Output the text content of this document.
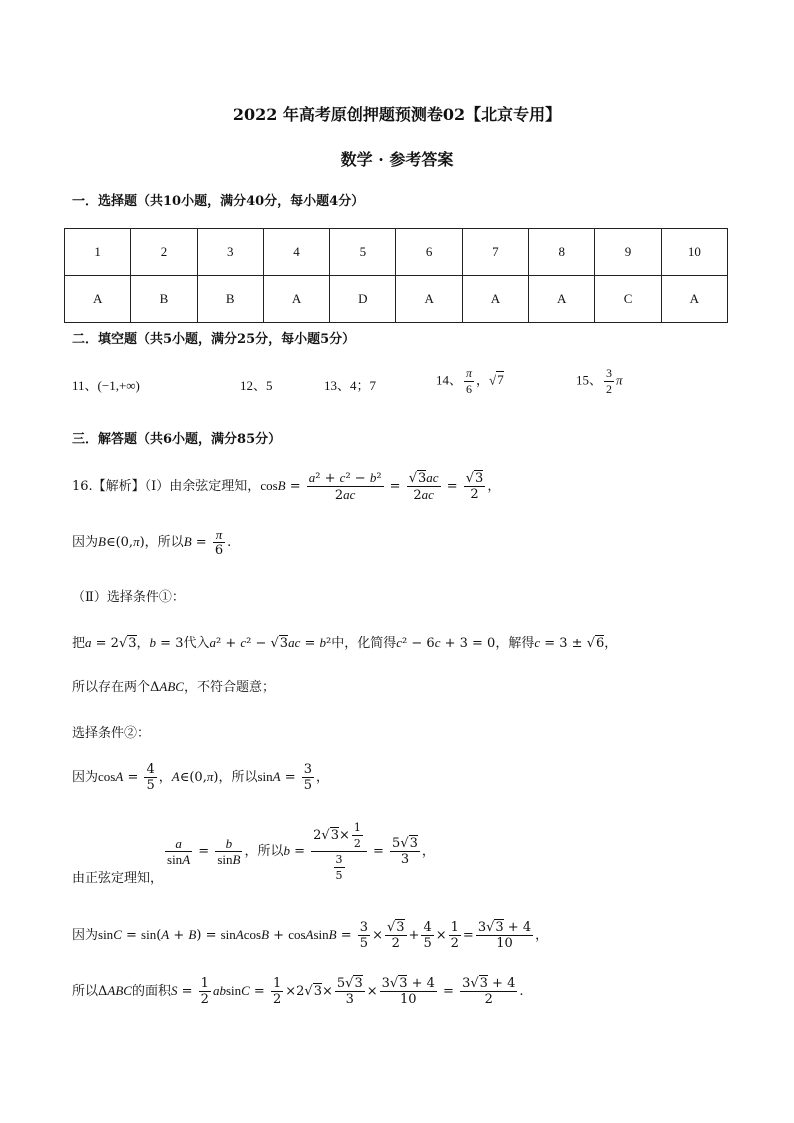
2022 年高考原创押题预测卷02【北京专用】
数学 · 参考答案
一．选择题（共10小题，满分40分，每小题4分）
1	2	3	4	5	6	7	8	9	10
A	B	B	A	D	A	A	A	C	A
二．填空题（共5小题，满分25分，每小题5分）
11、(−1,+∞)	12、5	13、4；7	14、 $\frac{\pi}{6}$ ，√7	15、 $\frac{3}{2}$ π
三．解答题（共6小题，满分85分）
16.【解析】（Ⅰ）由余弦定理知，$\cos B = \frac{\text{a² + c² − b²}}{2ac} = \frac{√3ac}{2ac} = \frac{√3}{2}$ ，
因为B∈(0,π)，所以$B = \frac{\pi}{6}$ .
（Ⅱ）选择条件①：
把a = 2√3，b = 3代入a² + c² − √3ac = b²中，化简得c² − 6c + 3 = 0，解得c = 3 ± √6，
所以存在两个ΔABC，不符合题意；
选择条件②：
因为$\cos A = \frac{4}{5}$ ，A∈(0,π)，所以$\sin A = \frac{3}{5}$ ，
由正弦定理知，
$\frac{a}{\sin A} = \frac{b}{\sin B}$ ，所以$b = \frac{2√3\times \frac{1}{2}}{\frac{3}{5}} = \frac{5√3}{3}$ ，
因为sinC = sin(A + B) = sinAcosB + cosAsinB = $\frac{3}{5} \times \frac{√3}{2} + \frac{4}{5} \times \frac{1}{2} = \frac{3√3 + 4}{10}$ ，
所以ΔABC的面积$S = \frac{1}{2}$ $absinC = \frac{1}{2} \times 2√3\times \frac{5√3}{3} \times \frac{3√3 + 4}{10} = \frac{3√3 + 4}{2}$ .
